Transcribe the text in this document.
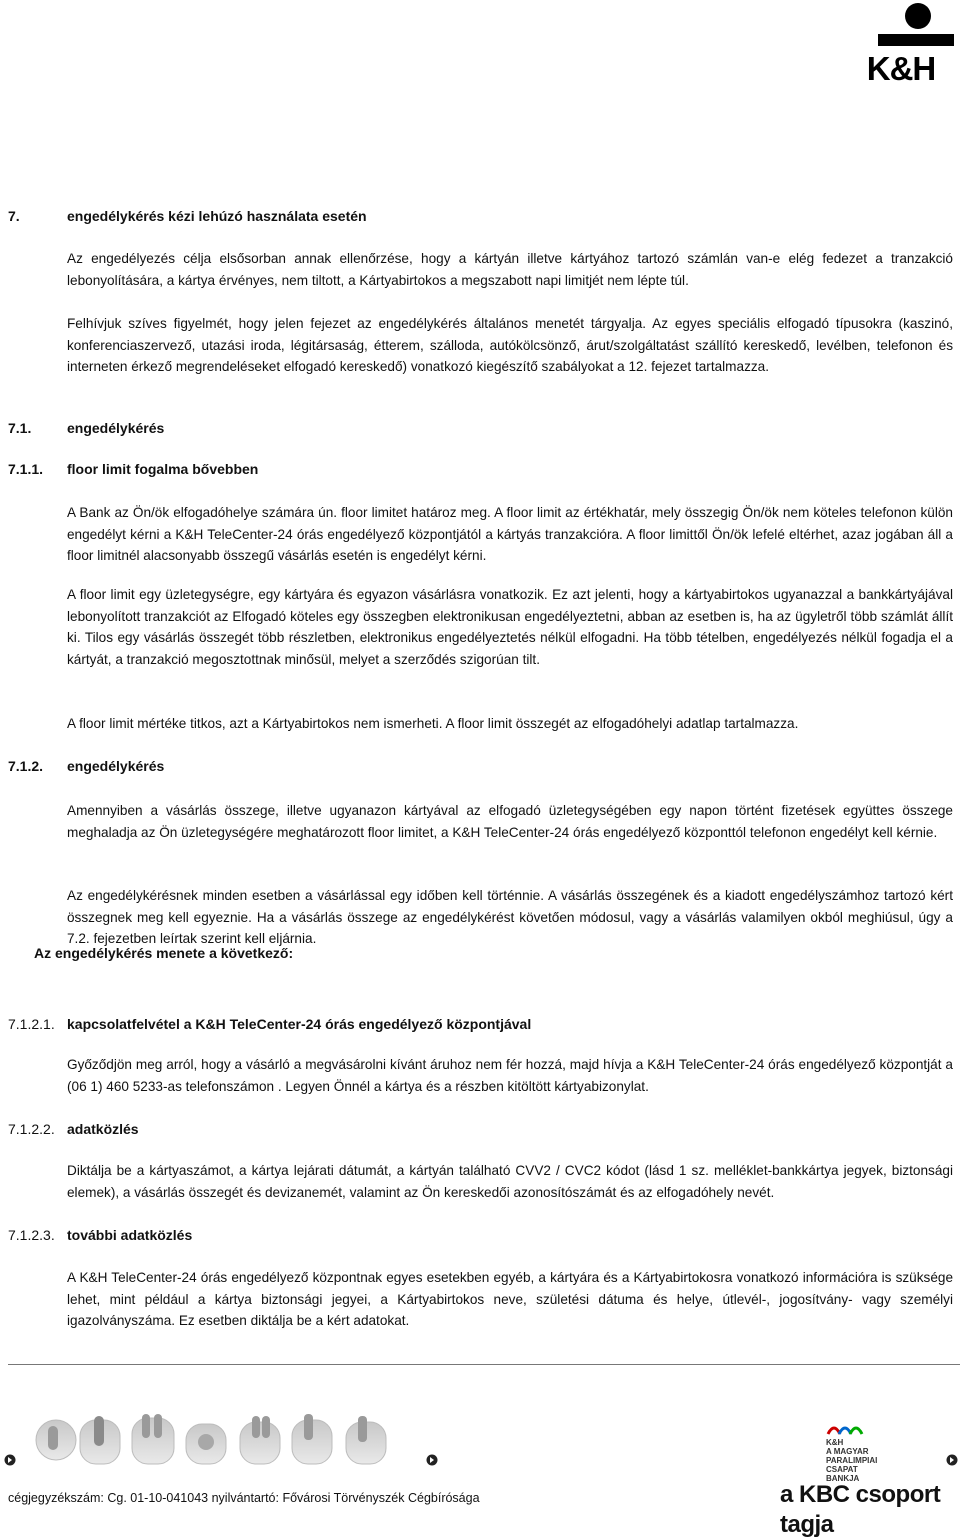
K&H
7.	engedélykérés kézi lehúzó használata esetén
Az engedélyezés célja elsősorban annak ellenőrzése, hogy a kártyán illetve kártyához tartozó számlán van-e elég fedezet a tranzakció lebonyolítására, a kártya érvényes, nem tiltott, a Kártyabirtokos a megszabott napi limitjét nem lépte túl.
Felhívjuk szíves figyelmét, hogy jelen fejezet az engedélykérés általános menetét tárgyalja. Az egyes speciális elfogadó típusokra (kaszinó, konferenciaszervező, utazási iroda, légitársaság, étterem, szálloda, autókölcsönző, árut/szolgáltatást szállító kereskedő, levélben, telefonon és interneten érkező megrendeléseket elfogadó kereskedő) vonatkozó kiegészítő szabályokat a 12. fejezet tartalmazza.
7.1.	engedélykérés
7.1.1. floor limit fogalma bővebben
A Bank az Ön/ök elfogadóhelye számára ún. floor limitet határoz meg. A floor limit az értékhatár, mely összegig Ön/ök nem köteles telefonon külön engedélyt kérni a K&H TeleCenter-24 órás engedélyező központjától a kártyás tranzakcióra. A floor limittől Ön/ök lefelé eltérhet, azaz jogában áll a floor limitnél alacsonyabb összegű vásárlás esetén is engedélyt kérni.
A floor limit egy üzletegységre, egy kártyára és egyazon vásárlásra vonatkozik. Ez azt jelenti, hogy a kártyabirtokos ugyanazzal a bankkártyájával lebonyolított tranzakciót az Elfogadó köteles egy összegben elektronikusan engedélyeztetni, abban az esetben is, ha az ügyletről több számlát állít ki. Tilos egy vásárlás összegét több részletben, elektronikus engedélyeztetés nélkül elfogadni. Ha több tételben, engedélyezés nélkül fogadja el a kártyát, a tranzakció megosztottnak minősül, melyet a szerződés szigorúan tilt.
A floor limit mértéke titkos, azt a Kártyabirtokos nem ismerheti. A floor limit összegét az elfogadóhelyi adatlap tartalmazza.
7.1.2. engedélykérés
Amennyiben a vásárlás összege, illetve ugyanazon kártyával az elfogadó üzletegységében egy napon történt fizetések együttes összege meghaladja az Ön üzletegységére meghatározott floor limitet, a K&H TeleCenter-24 órás engedélyező központtól telefonon engedélyt kell kérnie.
Az engedélykérésnek minden esetben a vásárlással egy időben kell történnie. A vásárlás összegének és a kiadott engedélyszámhoz tartozó kért összegnek meg kell egyeznie. Ha a vásárlás összege az engedélykérést követően módosul, vagy a vásárlás valamilyen okból meghiúsul, úgy a 7.2. fejezetben leírtak szerint kell eljárnia.
Az engedélykérés menete a következő:
7.1.2.1. kapcsolatfelvétel a K&H TeleCenter-24 órás engedélyező központjával
Győződjön meg arról, hogy a vásárló a megvásárolni kívánt áruhoz nem fér hozzá, majd hívja a K&H TeleCenter-24 órás engedélyező központját a (06 1) 460 5233-as telefonszámon . Legyen Önnél a kártya és a részben kitöltött kártyabizonylat.
7.1.2.2. adatközlés
Diktálja be a kártyaszámot, a kártya lejárati dátumát, a kártyán található CVV2 / CVC2 kódot (lásd 1 sz. melléklet-bankkártya jegyek, biztonsági elemek), a vásárlás összegét és devizanemét, valamint az Ön kereskedői azonosítószámát és az elfogadóhely nevét.
7.1.2.3. további adatközlés
A K&H TeleCenter-24 órás engedélyező központnak egyes esetekben egyéb, a kártyára és a Kártyabirtokosra vonatkozó információra is szüksége lehet, mint például a kártya biztonsági jegyei, a Kártyabirtokos neve, születési dátuma és helye, útlevél-, jogosítvány- vagy személyi igazolványszáma. Ez esetben diktálja be a kért adatokat.
K&H
A MAGYAR
PARALIMPIAI
CSAPAT BANKJA
cégjegyzékszám: Cg. 01-10-041043 nyilvántartó: Fővárosi Törvényszék Cégbírósága	a KBC csoport tagja
